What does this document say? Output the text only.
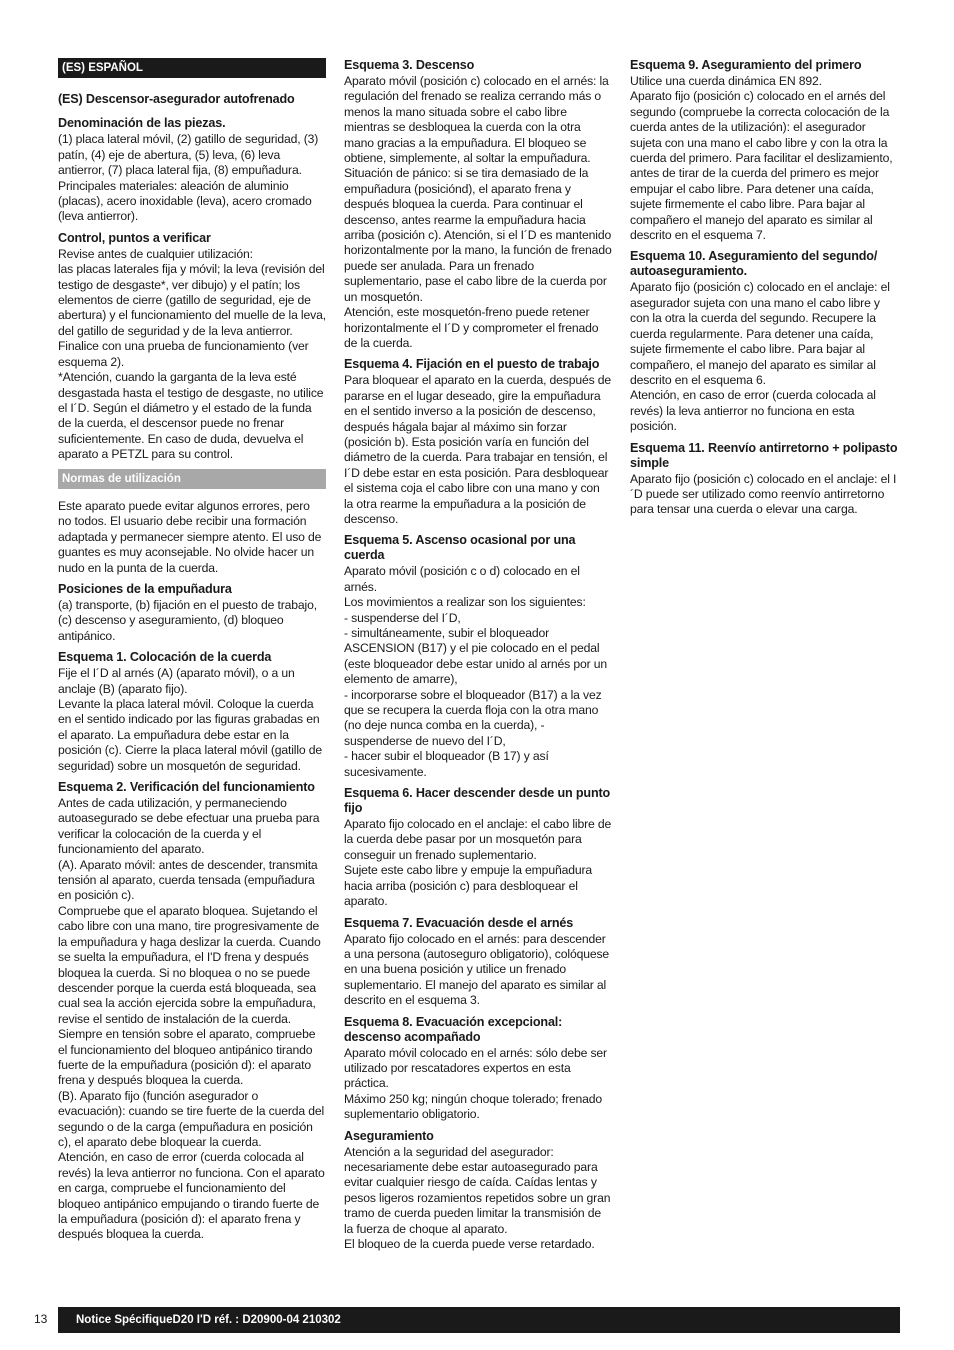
(ES) ESPAÑOL
(ES) Descensor-asegurador autofrenado
Denominación de las piezas.

(1) placa lateral móvil, (2) gatillo de seguridad, (3) patín, (4) eje de abertura, (5) leva, (6) leva antierror, (7) placa lateral fija, (8) empuñadura.
Principales materiales: aleación de aluminio (placas), acero inoxidable (leva), acero cromado (leva antierror).

Control, puntos a verificar

Revise antes de cualquier utilización:
las placas laterales fija y móvil; la leva (revisión del testigo de desgaste*, ver dibujo) y el patín; los elementos de cierre (gatillo de seguridad, eje de abertura) y el funcionamiento del muelle de la leva, del gatillo de seguridad y de la leva antierror. Finalice con una prueba de funcionamiento (ver esquema 2).
*Atención, cuando la garganta de la leva esté desgastada hasta el testigo de desgaste, no utilice el I´D. Según el diámetro y el estado de la funda de la cuerda, el descensor puede no frenar suficientemente. En caso de duda, devuelva el aparato a PETZL para su control.

Normas de utilización

Este aparato puede evitar algunos errores, pero no todos. El usuario debe recibir una formación adaptada y permanecer siempre atento. El uso de guantes es muy aconsejable. No olvide hacer un nudo en la punta de la cuerda.

Posiciones de la empuñadura

(a) transporte, (b) fijación en el puesto de trabajo, (c) descenso y aseguramiento, (d) bloqueo antipánico.

Esquema 1. Colocación de la cuerda

Fije el I´D al arnés (A) (aparato móvil), o a un anclaje (B) (aparato fijo).
Levante la placa lateral móvil. Coloque la cuerda en el sentido indicado por las figuras grabadas en el aparato. La empuñadura debe estar en la posición (c). Cierre la placa lateral móvil (gatillo de seguridad) sobre un mosquetón de seguridad.

Esquema 2. Verificación del funcionamiento

Antes de cada utilización, y permaneciendo autoasegurado se debe efectuar una prueba para verificar la colocación de la cuerda y el funcionamiento del aparato.
(A). Aparato móvil: antes de descender, transmita tensión al aparato, cuerda tensada (empuñadura en posición c).
Compruebe que el aparato bloquea. Sujetando el cabo libre con una mano, tire progresivamente de la empuñadura y haga deslizar la cuerda. Cuando se suelta la empuñadura, el I'D frena y después bloquea la cuerda. Si no bloquea o no se puede descender porque la cuerda está bloqueada, sea cual sea la acción ejercida sobre la empuñadura, revise el sentido de instalación de la cuerda.
Siempre en tensión sobre el aparato, compruebe el funcionamiento del bloqueo antipánico tirando fuerte de la empuñadura (posición d): el aparato frena y después bloquea la cuerda.
(B). Aparato fijo (función asegurador o evacuación): cuando se tire fuerte de la cuerda del segundo o de la carga (empuñadura en posición c), el aparato debe bloquear la cuerda.
Atención, en caso de error (cuerda colocada al revés) la leva antierror no funciona. Con el aparato en carga, compruebe el funcionamiento del bloqueo antipánico empujando o tirando fuerte de la empuñadura (posición d): el aparato frena y después bloquea la cuerda.

Esquema 3. Descenso

Aparato móvil (posición c) colocado en el arnés: la regulación del frenado se realiza cerrando más o menos la mano situada sobre el cabo libre mientras se desbloquea la cuerda con la otra mano gracias a la empuñadura. El bloqueo se obtiene, simplemente, al soltar la empuñadura.
Situación de pánico: si se tira demasiado de la empuñadura (posiciónd), el aparato frena y después bloquea la cuerda. Para continuar el descenso, antes rearme la empuñadura hacia arriba (posición c). Atención, si el I´D es mantenido horizontalmente por la mano, la función de frenado puede ser anulada. Para un frenado suplementario, pase el cabo libre de la cuerda por un mosquetón.
Atención, este mosquetón-freno puede retener horizontalmente el I´D y comprometer el frenado de la cuerda.

Esquema 4. Fijación en el puesto de trabajo

Para bloquear el aparato en la cuerda, después de pararse en el lugar deseado, gire la empuñadura en el sentido inverso a la posición de descenso, después hágala bajar al máximo sin forzar (posición b). Esta posición varía en función del diámetro de la cuerda. Para trabajar en tensión, el I´D debe estar en esta posición. Para desbloquear el sistema coja el cabo libre con una mano y con la otra rearme la empuñadura a la posición de descenso.

Esquema 5. Ascenso ocasional por una cuerda

Aparato móvil (posición c o d) colocado en el arnés.
Los movimientos a realizar son los siguientes:
- suspenderse del I´D,
- simultáneamente, subir el bloqueador ASCENSION (B17) y el pie colocado en el pedal (este bloqueador debe estar unido al arnés por un elemento de amarre),
- incorporarse sobre el bloqueador (B17) a la vez que se recupera la cuerda floja con la otra mano (no deje nunca comba en la cuerda), -suspenderse de nuevo del I´D,
- hacer subir el bloqueador (B 17) y así sucesivamente.

Esquema 6. Hacer descender desde un punto fijo

Aparato fijo colocado en el anclaje: el cabo libre de la cuerda debe pasar por un mosquetón para conseguir un frenado suplementario.
Sujete este cabo libre y empuje la empuñadura hacia arriba (posición c) para desbloquear el aparato.

Esquema 7. Evacuación desde el arnés

Aparato fijo colocado en el arnés: para descender a una persona (autoseguro obligatorio), colóquese en una buena posición y utilice un frenado suplementario. El manejo del aparato es similar al descrito en el esquema 3.

Esquema 8. Evacuación excepcional: descenso acompañado

Aparato móvil colocado en el arnés: sólo debe ser utilizado por rescatadores expertos en esta práctica.
Máximo 250 kg; ningún choque tolerado; frenado suplementario obligatorio.

Aseguramiento

Atención a la seguridad del asegurador: necesariamente debe estar autoasegurado para evitar cualquier riesgo de caída. Caídas lentas y pesos ligeros rozamientos repetidos sobre un gran tramo de cuerda pueden limitar la transmisión de la fuerza de choque al aparato.
El bloqueo de la cuerda puede verse retardado.

Esquema 9. Aseguramiento del primero

Utilice una cuerda dinámica EN 892.
Aparato fijo (posición c) colocado en el arnés del segundo (compruebe la correcta colocación de la cuerda antes de la utilización): el asegurador sujeta con una mano el cabo libre y con la otra la cuerda del primero. Para facilitar el deslizamiento, antes de tirar de la cuerda del primero es mejor empujar el cabo libre. Para detener una caída, sujete firmemente el cabo libre. Para bajar al compañero el manejo del aparato es similar al descrito en el esquema 7.

Esquema 10. Aseguramiento del segundo/ autoaseguramiento.

Aparato fijo (posición c) colocado en el anclaje: el asegurador sujeta con una mano el cabo libre y con la otra la cuerda del segundo. Recupere la cuerda regularmente. Para detener una caída, sujete firmemente el cabo libre. Para bajar al compañero, el manejo del aparato es similar al descrito en el esquema 6.
Atención, en caso de error (cuerda colocada al revés) la leva antierror no funciona en esta posición.

Esquema 11. Reenvío antirretorno + polipasto simple

Aparato fijo (posición c) colocado en el anclaje: el I´D puede ser utilizado como reenvío antirretorno para tensar una cuerda o elevar una carga.

13	Notice SpécifiqueD20 I'D réf. : D20900-04 210302
